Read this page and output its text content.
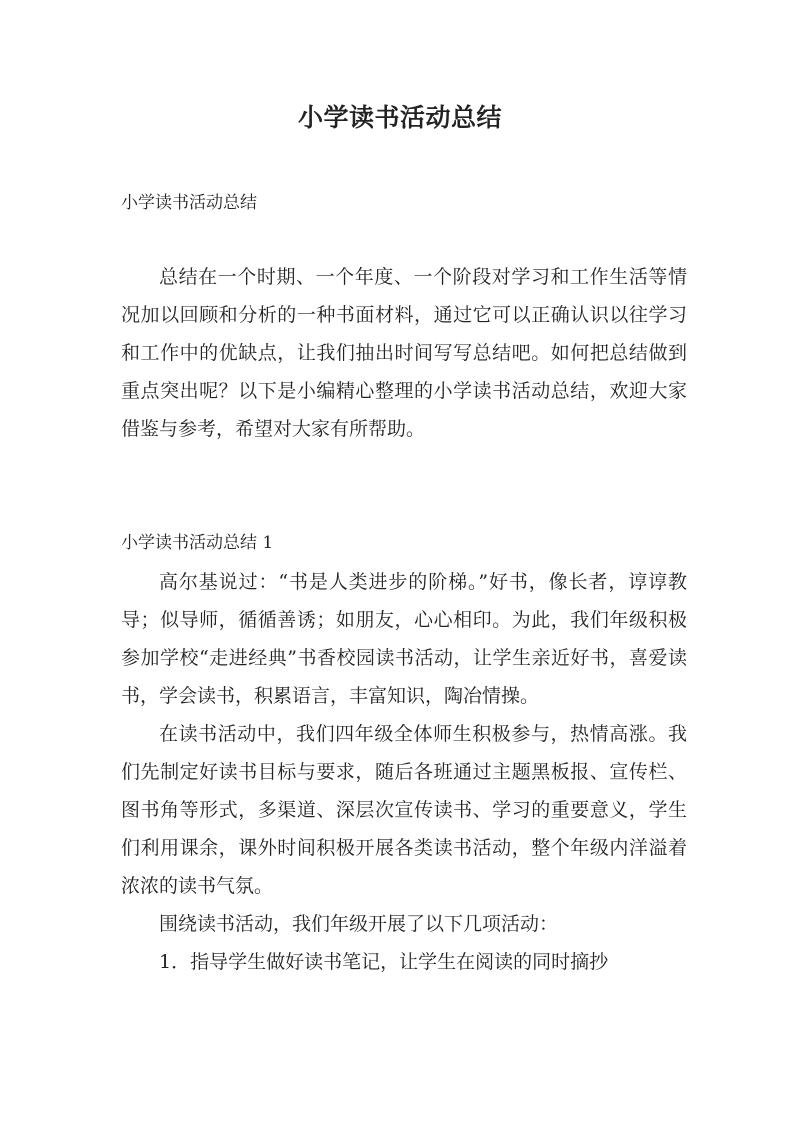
小学读书活动总结
小学读书活动总结

总结在一个时期、一个年度、一个阶段对学习和工作生活等情况加以回顾和分析的一种书面材料，通过它可以正确认识以往学习和工作中的优缺点，让我们抽出时间写写总结吧。如何把总结做到重点突出呢？以下是小编精心整理的小学读书活动总结，欢迎大家借鉴与参考，希望对大家有所帮助。

小学读书活动总结 1

高尔基说过：“书是人类进步的阶梯。”好书，像长者，谆谆教导；似导师，循循善诱；如朋友，心心相印。为此，我们年级积极参加学校“走进经典”书香校园读书活动，让学生亲近好书，喜爱读书，学会读书，积累语言，丰富知识，陶冶情操。

在读书活动中，我们四年级全体师生积极参与，热情高涨。我们先制定好读书目标与要求，随后各班通过主题黑板报、宣传栏、图书角等形式，多渠道、深层次宣传读书、学习的重要意义，学生们利用课余，课外时间积极开展各类读书活动，整个年级内洋溢着浓浓的读书气氛。

围绕读书活动，我们年级开展了以下几项活动：

1．指导学生做好读书笔记，让学生在阅读的同时摘抄
